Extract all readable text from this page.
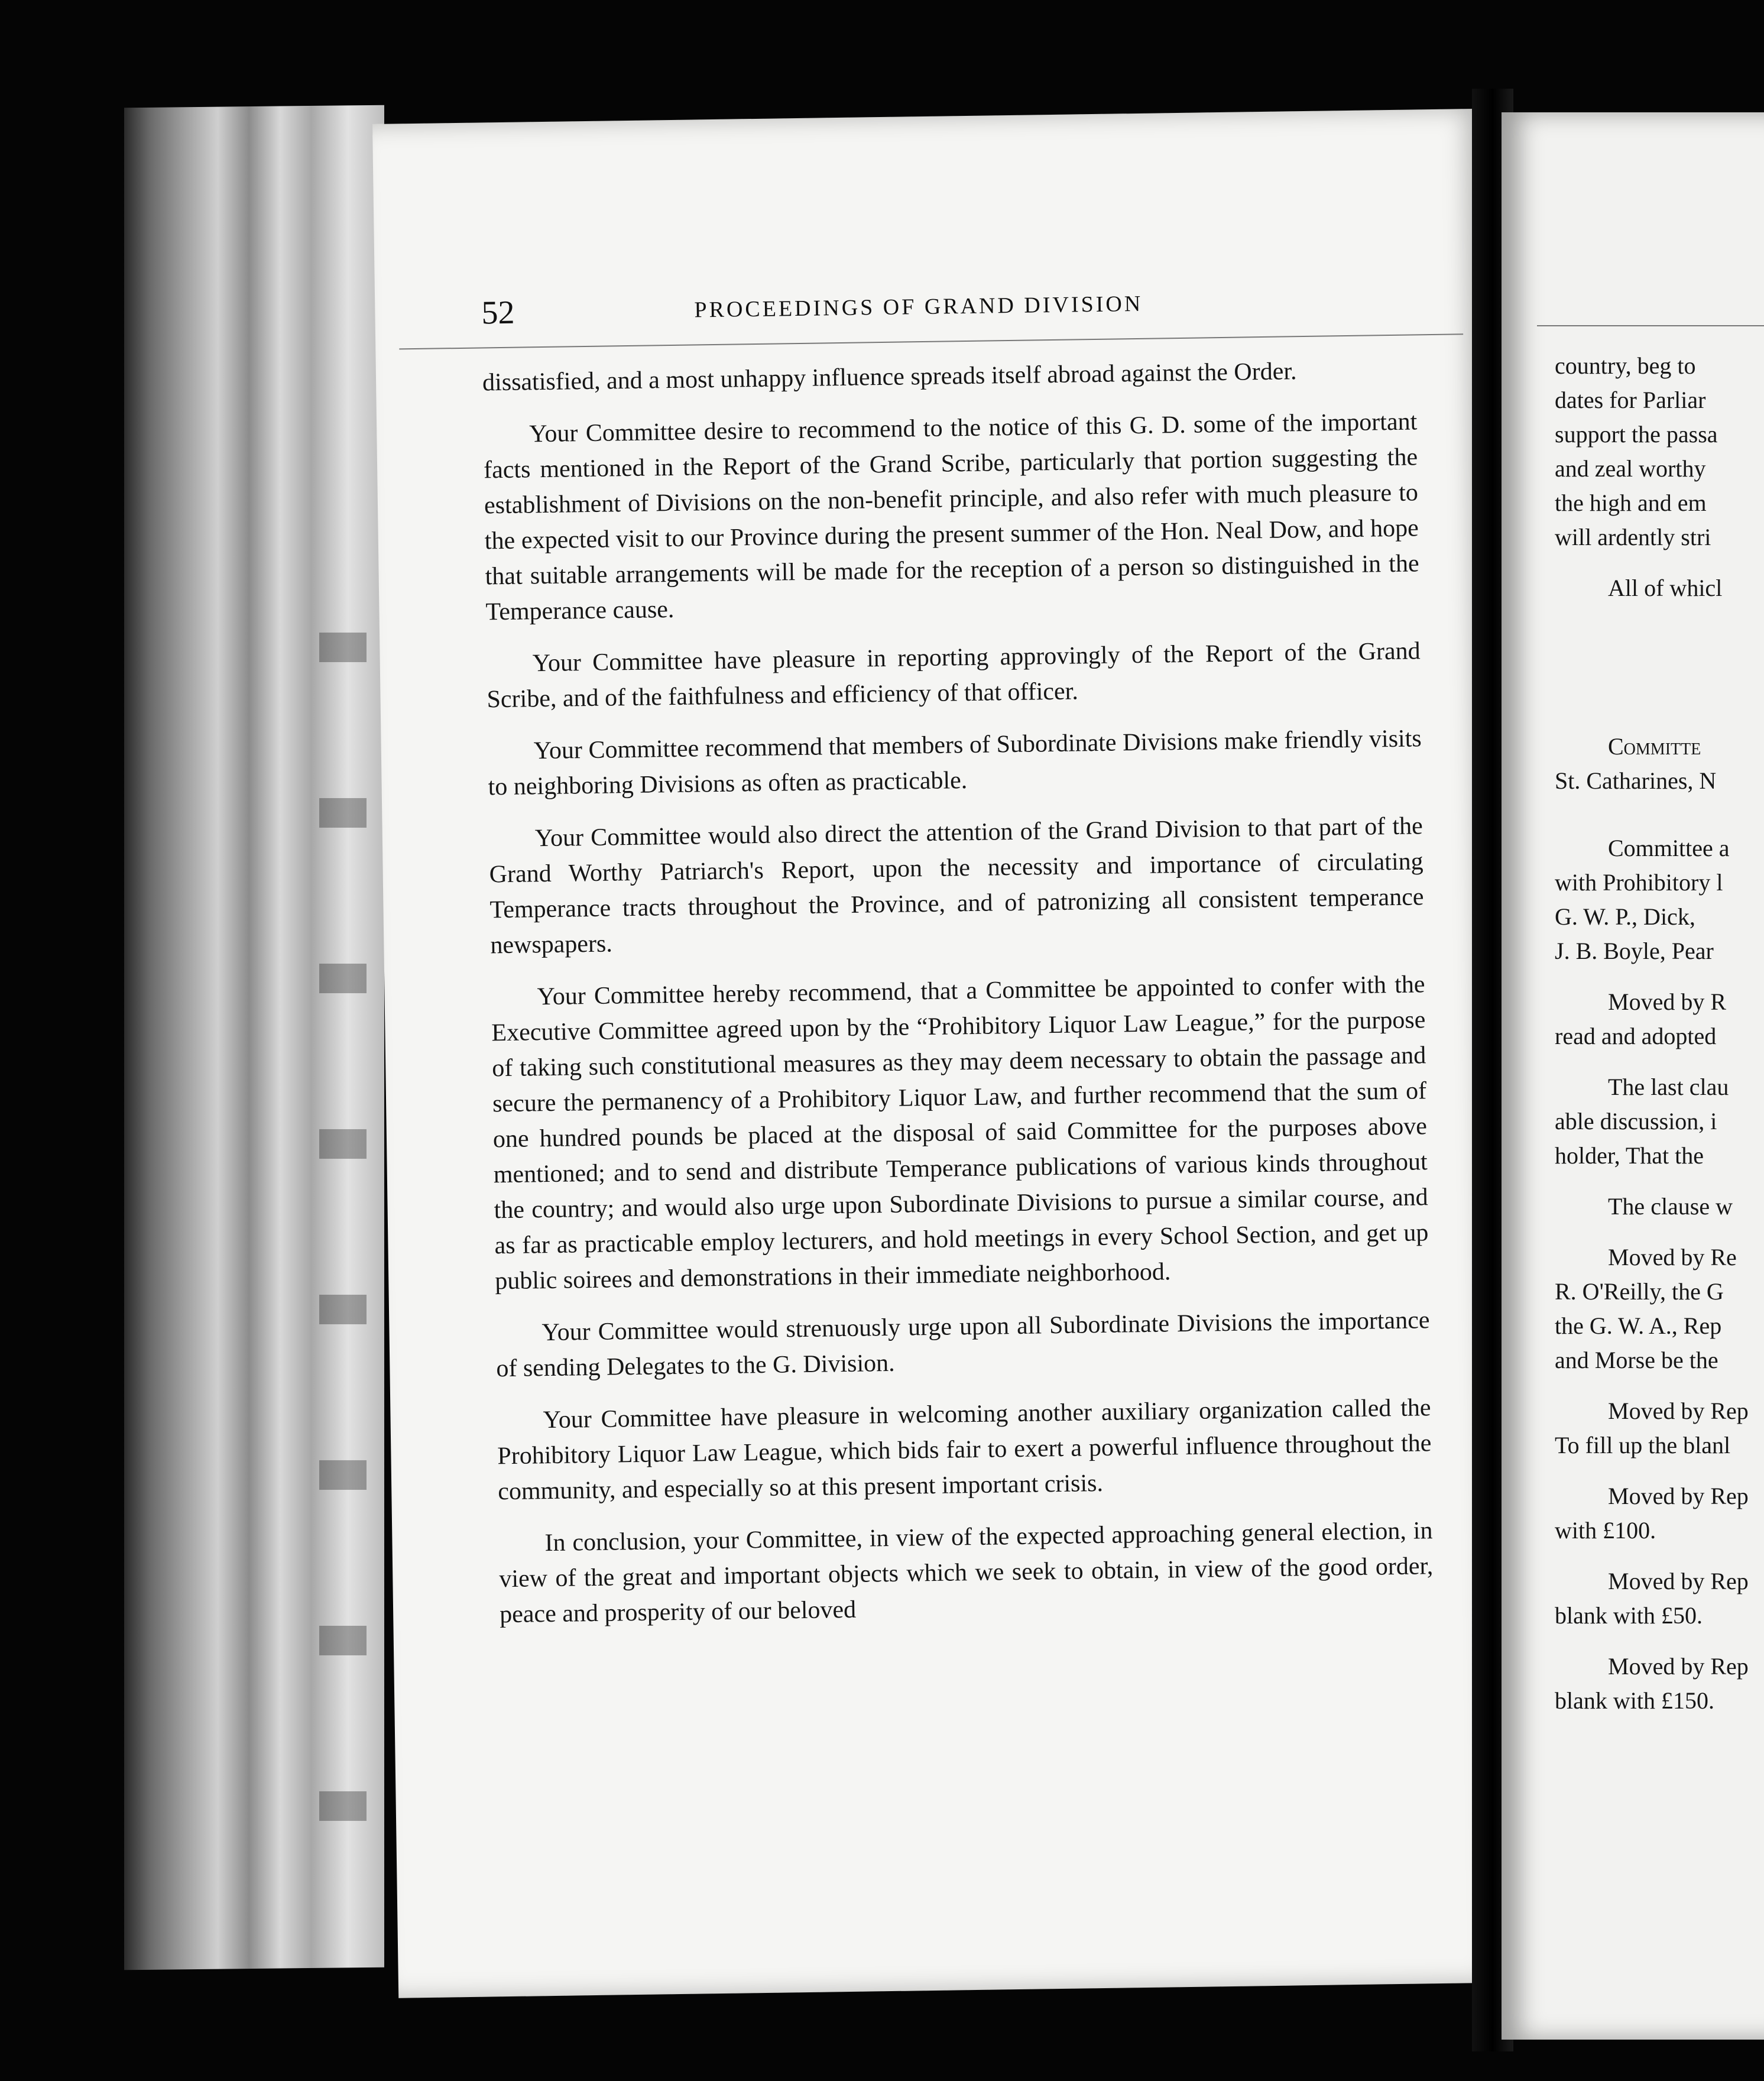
52	PROCEEDINGS OF GRAND DIVISION

dissatisfied, and a most unhappy influence spreads itself abroad against the Order.

Your Committee desire to recommend to the notice of this G. D. some of the important facts mentioned in the Report of the Grand Scribe, particularly that portion suggesting the establishment of Divisions on the non-benefit principle, and also refer with much pleasure to the expected visit to our Province during the present summer of the Hon. Neal Dow, and hope that suitable arrangements will be made for the reception of a person so distinguished in the Temperance cause.

Your Committee have pleasure in reporting approvingly of the Report of the Grand Scribe, and of the faithfulness and efficiency of that officer.

Your Committee recommend that members of Subordinate Divisions make friendly visits to neighboring Divisions as often as practicable.

Your Committee would also direct the attention of the Grand Division to that part of the Grand Worthy Patriarch's Report, upon the necessity and importance of circulating Temperance tracts throughout the Province, and of patronizing all consistent temperance newspapers.

Your Committee hereby recommend, that a Committee be appointed to confer with the Executive Committee agreed upon by the “Prohibitory Liquor Law League,” for the purpose of taking such constitutional measures as they may deem necessary to obtain the passage and secure the permanency of a Prohibitory Liquor Law, and further recommend that the sum of one hundred pounds be placed at the disposal of said Committee for the purposes above mentioned; and to send and distribute Temperance publications of various kinds throughout the country; and would also urge upon Subordinate Divisions to pursue a similar course, and as far as practicable employ lecturers, and hold meetings in every School Section, and get up public soirees and demonstrations in their immediate neighborhood.

Your Committee would strenuously urge upon all Subordinate Divisions the importance of sending Delegates to the G. Division.

Your Committee have pleasure in welcoming another auxiliary organization called the Prohibitory Liquor Law League, which bids fair to exert a powerful influence throughout the community, and especially so at this present important crisis.

In conclusion, your Committee, in view of the expected approaching general election, in view of the great and important objects which we seek to obtain, in view of the good order, peace and prosperity of our beloved

country, beg to
dates for Parliar
support the passa
and zeal worthy
the high and em
will ardently stri
All of whicl
Committe
St. Catharines, N
Committee a
with Prohibitory l
G. W. P., Dick,
J. B. Boyle, Pear
Moved by R
read and adopted
The last clau
able discussion, i
holder, That the
The clause w
Moved by Re
R. O'Reilly, the G
the G. W. A., Rep
and Morse be the
Moved by Rep
To fill up the blanl
Moved by Rep
with £100.
Moved by Rep
blank with £50.
Moved by Rep
blank with £150.
